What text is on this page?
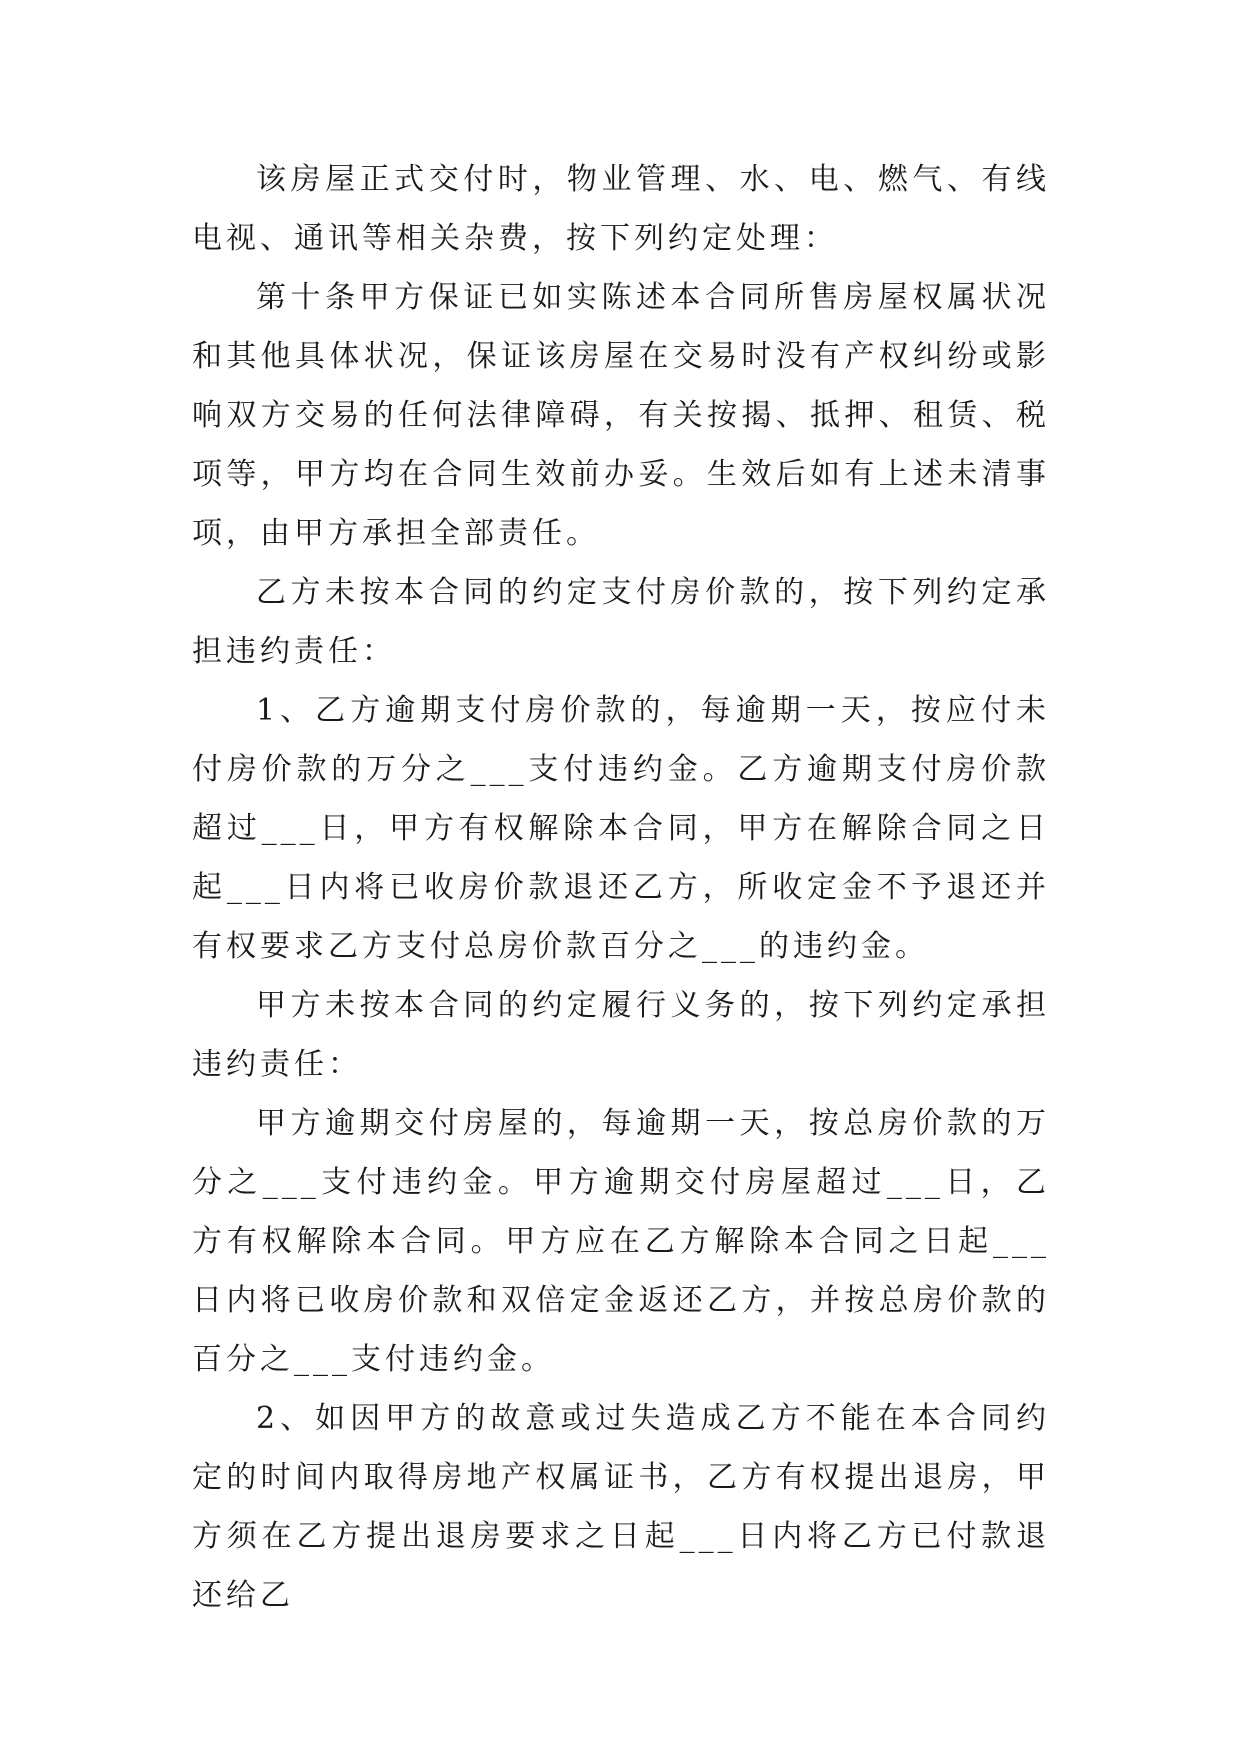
该房屋正式交付时，物业管理、水、电、燃气、有线电视、通讯等相关杂费，按下列约定处理：

第十条甲方保证已如实陈述本合同所售房屋权属状况和其他具体状况，保证该房屋在交易时没有产权纠纷或影响双方交易的任何法律障碍，有关按揭、抵押、租赁、税项等，甲方均在合同生效前办妥。生效后如有上述未清事项，由甲方承担全部责任。

乙方未按本合同的约定支付房价款的，按下列约定承担违约责任：

1、乙方逾期支付房价款的，每逾期一天，按应付未付房价款的万分之___支付违约金。乙方逾期支付房价款超过___日，甲方有权解除本合同，甲方在解除合同之日起___日内将已收房价款退还乙方，所收定金不予退还并有权要求乙方支付总房价款百分之___的违约金。

甲方未按本合同的约定履行义务的，按下列约定承担违约责任：

甲方逾期交付房屋的，每逾期一天，按总房价款的万分之___支付违约金。甲方逾期交付房屋超过___日，乙方有权解除本合同。甲方应在乙方解除本合同之日起___日内将已收房价款和双倍定金返还乙方，并按总房价款的百分之___支付违约金。

2、如因甲方的故意或过失造成乙方不能在本合同约定的时间内取得房地产权属证书，乙方有权提出退房，甲方须在乙方提出退房要求之日起___日内将乙方已付款退还给乙
